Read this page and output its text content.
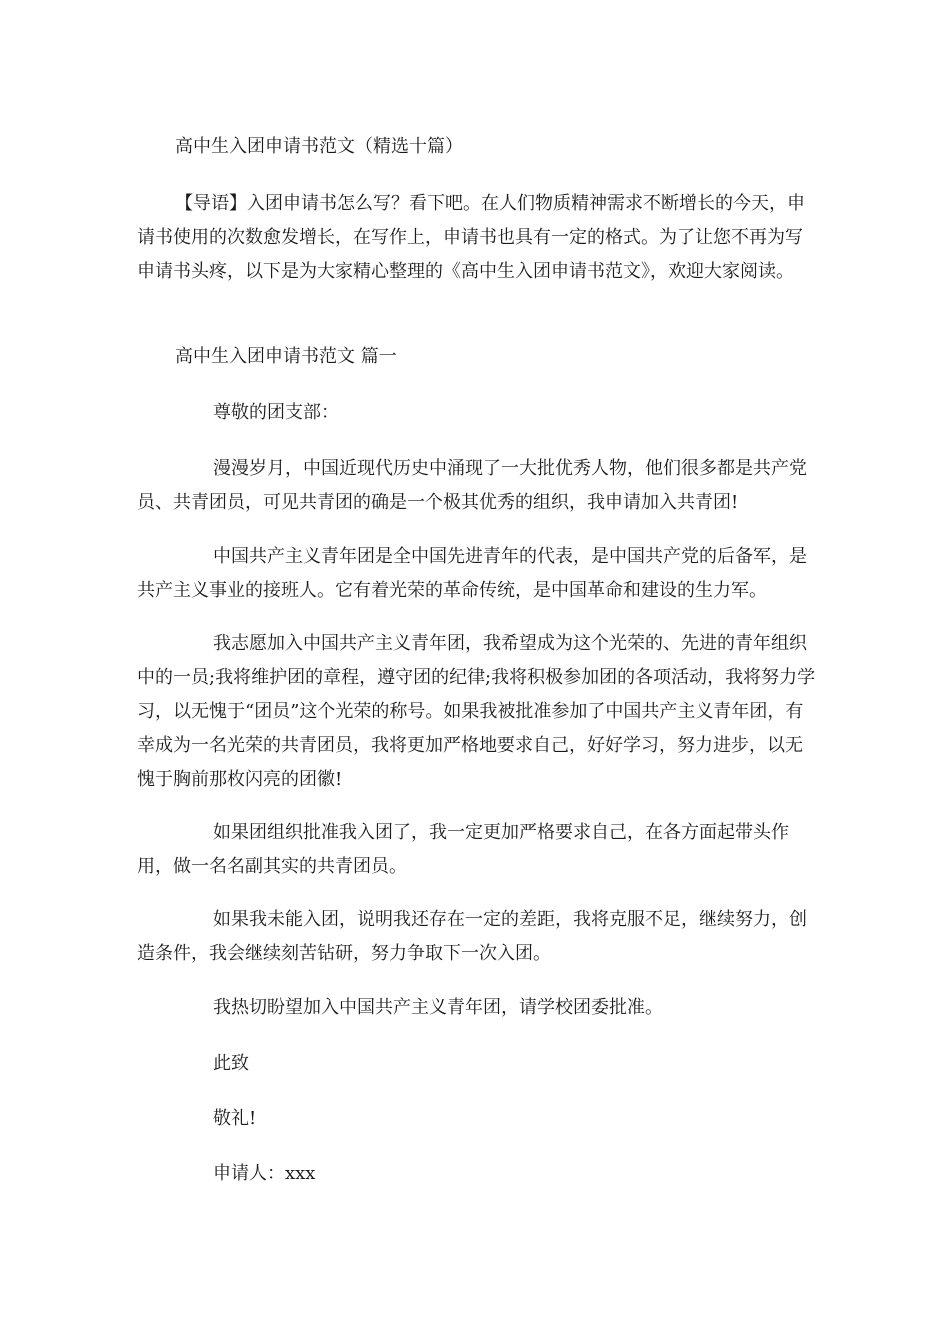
高中生入团申请书范文（精选十篇）

【导语】入团申请书怎么写？看下吧。在人们物质精神需求不断增长的今天，申请书使用的次数愈发增长，在写作上，申请书也具有一定的格式。为了让您不再为写申请书头疼，以下是为大家精心整理的《高中生入团申请书范文》，欢迎大家阅读。

高中生入团申请书范文 篇一

尊敬的团支部：

漫漫岁月，中国近现代历史中涌现了一大批优秀人物，他们很多都是共产党员、共青团员，可见共青团的确是一个极其优秀的组织，我申请加入共青团!

中国共产主义青年团是全中国先进青年的代表，是中国共产党的后备军，是共产主义事业的接班人。它有着光荣的革命传统，是中国革命和建设的生力军。

我志愿加入中国共产主义青年团，我希望成为这个光荣的、先进的青年组织中的一员;我将维护团的章程，遵守团的纪律;我将积极参加团的各项活动，我将努力学习，以无愧于“团员”这个光荣的称号。如果我被批准参加了中国共产主义青年团，有幸成为一名光荣的共青团员，我将更加严格地要求自己，好好学习，努力进步，以无愧于胸前那枚闪亮的团徽!

如果团组织批准我入团了，我一定更加严格要求自己，在各方面起带头作用，做一名名副其实的共青团员。

如果我未能入团，说明我还存在一定的差距，我将克服不足，继续努力，创造条件，我会继续刻苦钻研，努力争取下一次入团。

我热切盼望加入中国共产主义青年团，请学校团委批准。

此致

敬礼!

申请人：xxx
